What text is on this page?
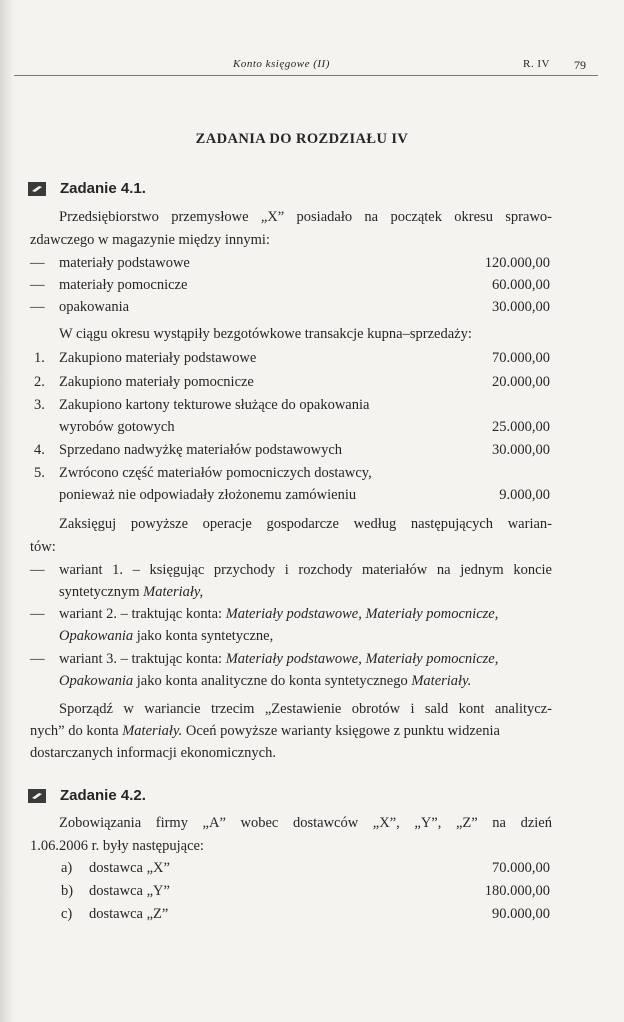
Konto księgowe (II)	R. IV 79
ZADANIA DO ROZDZIAŁU IV
Zadanie 4.1.
Przedsiębiorstwo przemysłowe „X” posiadało na początek okresu sprawo-
zdawczego w magazynie między innymi:
— materiały podstawowe	120.000,00
— materiały pomocnicze	60.000,00
— opakowania	30.000,00
W ciągu okresu wystąpiły bezgotówkowe transakcje kupna–sprzedaży:
1. Zakupiono materiały podstawowe	70.000,00
2. Zakupiono materiały pomocnicze	20.000,00
3. Zakupiono kartony tekturowe służące do opakowania
wyrobów gotowych	25.000,00
4. Sprzedano nadwyżkę materiałów podstawowych	30.000,00
5. Zwrócono część materiałów pomocniczych dostawcy,
ponieważ nie odpowiadały złożonemu zamówieniu	9.000,00
Zaksięguj powyższe operacje gospodarcze według następujących warian-
tów:
— wariant 1. – księgując przychody i rozchody materiałów na jednym koncie
syntetycznym Materiały,
— wariant 2. – traktując konta: Materiały podstawowe, Materiały pomocnicze,
Opakowania jako konta syntetyczne,
— wariant 3. – traktując konta: Materiały podstawowe, Materiały pomocnicze,
Opakowania jako konta analityczne do konta syntetycznego Materiały.
Sporządź w wariancie trzecim „Zestawienie obrotów i sald kont analitycz-
nych” do konta Materiały. Oceń powyższe warianty księgowe z punktu widzenia
dostarczanych informacji ekonomicznych.
Zadanie 4.2.
Zobowiązania firmy „A” wobec dostawców „X”, „Y”, „Z” na dzień
1.06.2006 r. były następujące:
a) dostawca „X”	70.000,00
b) dostawca „Y”	180.000,00
c) dostawca „Z”	90.000,00
